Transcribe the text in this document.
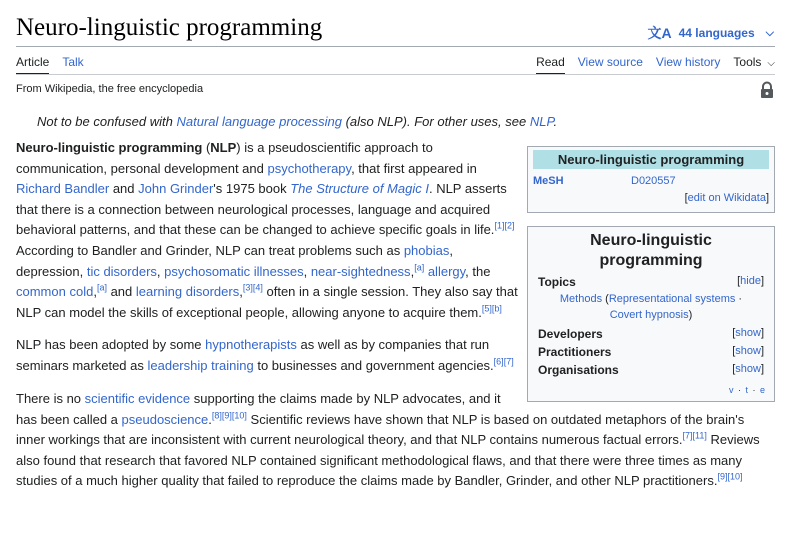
Neuro-linguistic programming	文A 44 languages ⌵
Article Talk	Read View source View history Tools ⌵
From Wikipedia, the free encyclopedia
Not to be confused with Natural language processing (also NLP). For other uses, see NLP.

Neuro-linguistic programming (NLP) is a pseudoscientific approach to communication, personal development and psychotherapy, that first appeared in Richard Bandler and John Grinder's 1975 book The Structure of Magic I. NLP asserts that there is a connection between neurological processes, language and acquired behavioral patterns, and that these can be changed to achieve specific goals in life.[1][2] According to Bandler and Grinder, NLP can treat problems such as phobias, depression, tic disorders, psychosomatic illnesses, near-sightedness,[a] allergy, the common cold,[a] and learning disorders,[3][4] often in a single session. They also say that NLP can model the skills of exceptional people, allowing anyone to acquire them.[5][b]

NLP has been adopted by some hypnotherapists as well as by companies that run seminars marketed as leadership training to businesses and government agencies.[6][7]

There is no scientific evidence supporting the claims made by NLP advocates, and it has been called a pseudoscience.[8][9][10] Scientific reviews have shown that NLP is based on outdated metaphors of the brain's inner workings that are inconsistent with current neurological theory, and that NLP contains numerous factual errors.[7][11] Reviews also found that research that favored NLP contained significant methodological flaws, and that there were three times as many studies of a much higher quality that failed to reproduce the claims made by Bandler, Grinder, and other NLP practitioners.[9][10]

Neuro-linguistic programming
MeSH	D020557
[edit on Wikidata]
Neuro-linguistic programming
Topics	[hide]
Methods (Representational systems ·
Covert hypnosis)
Developers	[show]
Practitioners	[show]
Organisations	[show]
v · t · e
